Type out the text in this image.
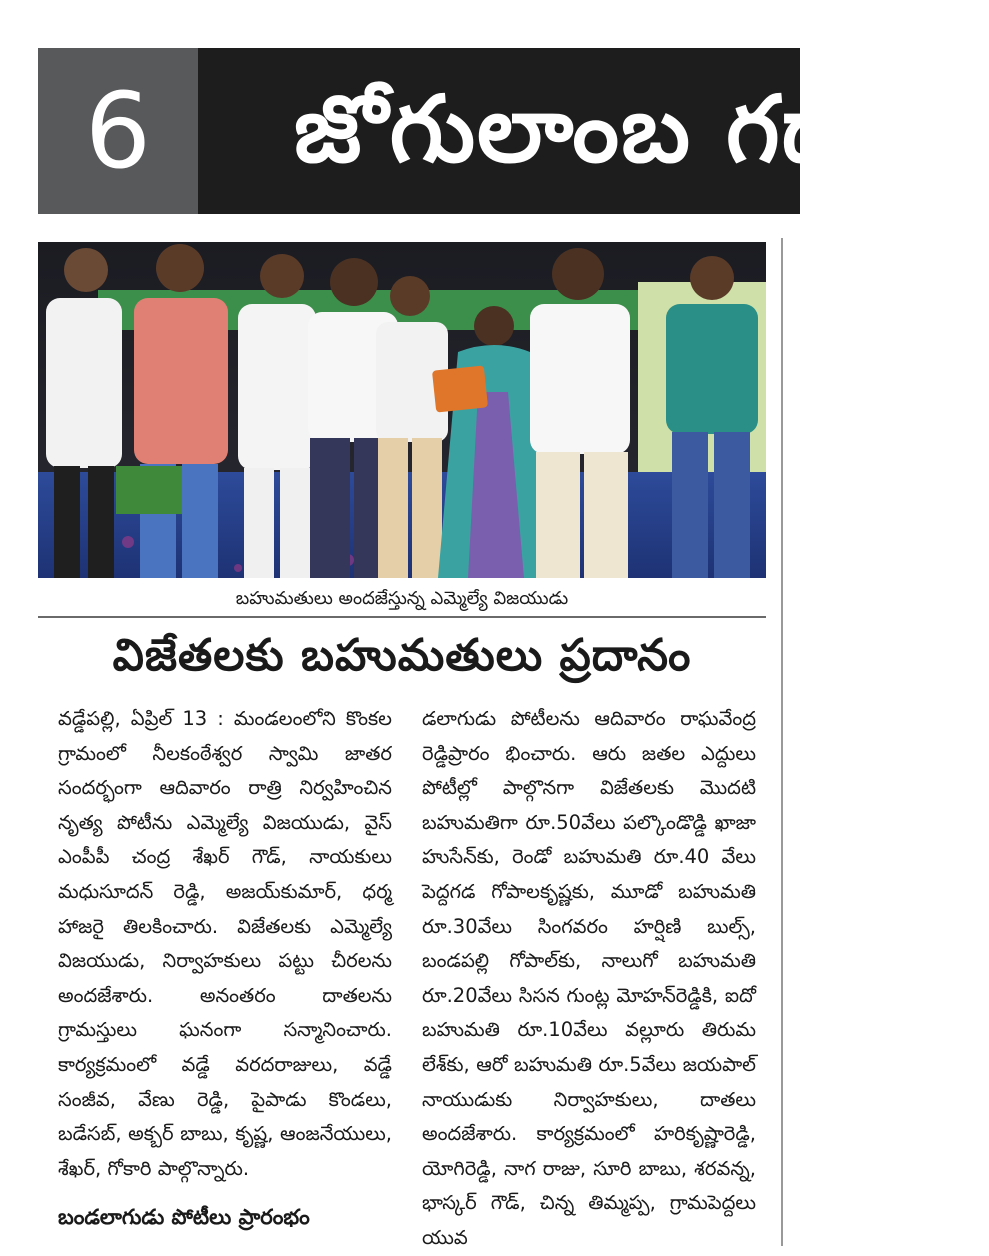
6	జోగులాంబ గద్వాల
బహుమతులు అందజేస్తున్న ఎమ్మెల్యే విజయుడు
విజేతలకు బహుమతులు ప్రదానం

వడ్డేపల్లి, ఏప్రిల్ 13 : మండలంలోని కొంకల గ్రామంలో నీలకంఠేశ్వర స్వామి జాతర సందర్భంగా ఆదివారం రాత్రి నిర్వహించిన నృత్య పోటీను ఎమ్మెల్యే విజయుడు, వైస్ ఎంపీపీ చంద్ర శేఖర్ గౌడ్, నాయకులు మధుసూదన్ రెడ్డి, అజయ్‌కుమార్, ధర్మ హాజరై తిలకించారు. విజేతలకు ఎమ్మెల్యే విజయుడు, నిర్వాహకులు పట్టు చీరలను అందజేశారు. అనంతరం దాతలను గ్రామస్తులు ఘనంగా సన్మానించారు. కార్యక్రమంలో వడ్డే వరదరాజులు, వడ్డే సంజీవ, వేణు రెడ్డి, పైపాడు కొండలు, బడేసబ్, అక్బర్ బాబు, కృష్ణ, ఆంజనేయులు, శేఖర్, గోకారి పాల్గొన్నారు.

బండలాగుడు పోటీలు ప్రారంభం

డలాగుడు పోటీలను ఆదివారం రాఘవేంద్ర రెడ్డిప్రారం భించారు. ఆరు జతల ఎద్దులు పోటీల్లో పాల్గొనగా విజేతలకు మొదటి బహుమతిగా రూ.50వేలు పల్కొండొడ్డి ఖాజా హుసేన్‌కు, రెండో బహుమతి రూ.40 వేలు పెద్దగడ గోపాలకృష్ణకు, మూడో బహుమతి రూ.30వేలు సింగవరం హర్షిణి బుల్స్, బండపల్లి గోపాల్‌కు, నాలుగో బహుమతి రూ.20వేలు సిసన గుంట్ల మోహన్‌రెడ్డికి, ఐదో బహుమతి రూ.10వేలు వల్లూరు తిరుమ లేశ్‌కు, ఆరో బహుమతి రూ.5వేలు జయపాల్ నాయుడుకు నిర్వాహకులు, దాతలు అందజేశారు. కార్యక్రమంలో హరికృష్ణారెడ్డి, యోగిరెడ్డి, నాగ రాజు, సూరి బాబు, శరవన్న, భాస్కర్ గౌడ్, చిన్న తిమ్మప్ప, గ్రామపెద్దలు యువ
